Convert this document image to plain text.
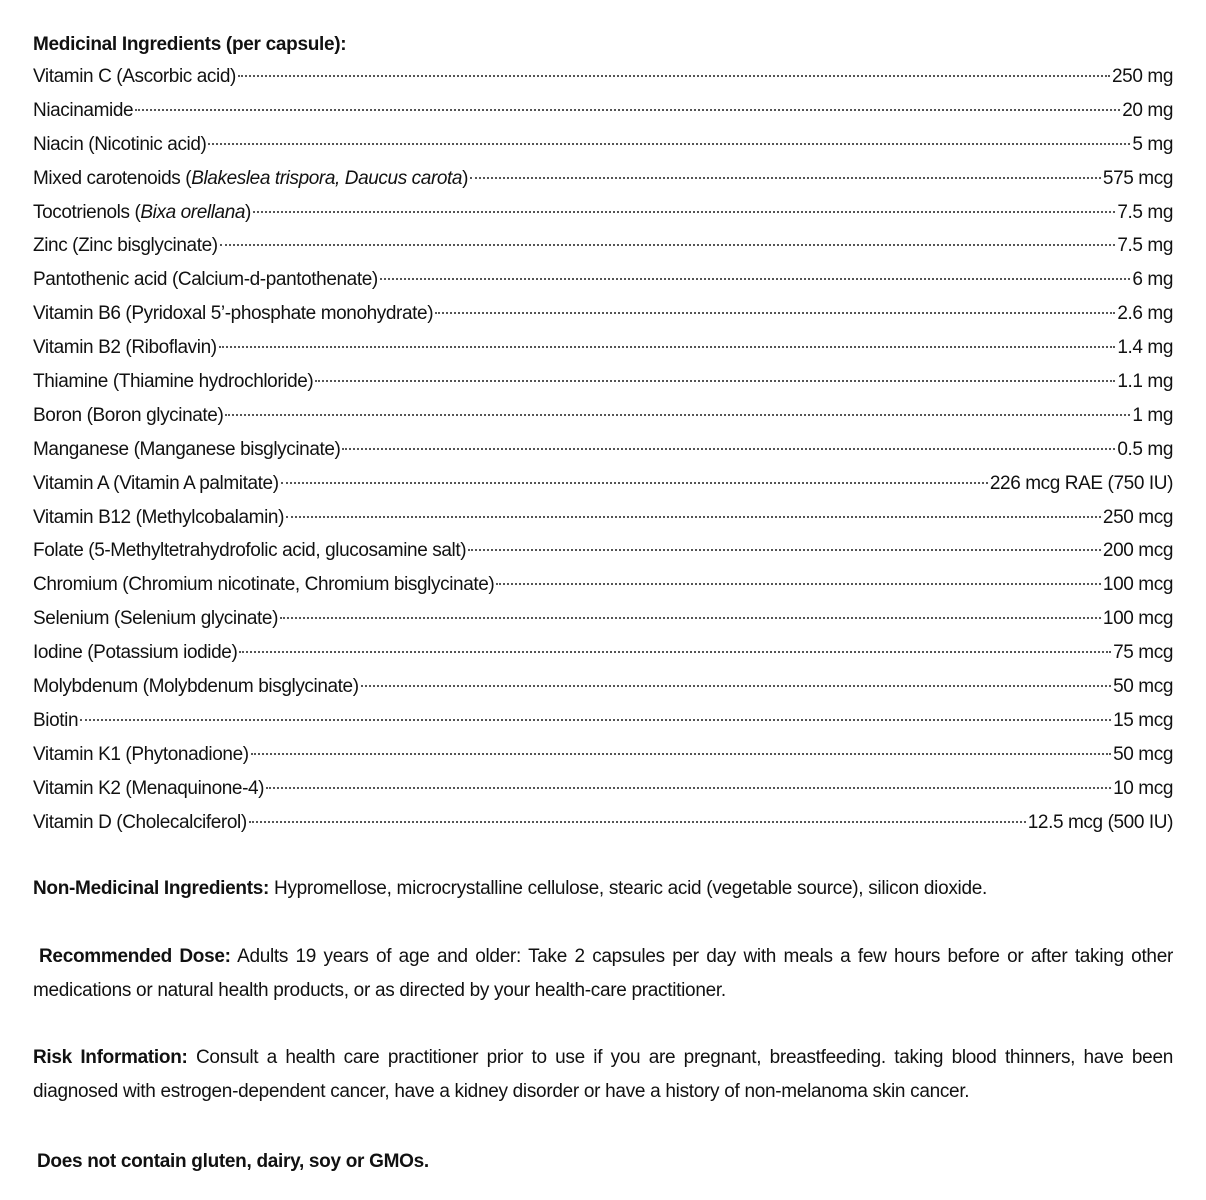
Medicinal Ingredients (per capsule):
Vitamin C (Ascorbic acid)	250 mg
Niacinamide	20 mg
Niacin (Nicotinic acid)	5 mg
Mixed carotenoids (Blakeslea trispora, Daucus carota)	575 mcg
Tocotrienols (Bixa orellana)	7.5 mg
Zinc (Zinc bisglycinate)	7.5 mg
Pantothenic acid (Calcium-d-pantothenate)	6 mg
Vitamin B6 (Pyridoxal 5’-phosphate monohydrate)	2.6 mg
Vitamin B2 (Riboflavin)	1.4 mg
Thiamine (Thiamine hydrochloride)	1.1 mg
Boron (Boron glycinate)	1 mg
Manganese (Manganese bisglycinate)	0.5 mg
Vitamin A (Vitamin A palmitate)	226 mcg RAE (750 IU)
Vitamin B12 (Methylcobalamin)	250 mcg
Folate (5-Methyltetrahydrofolic acid, glucosamine salt)	200 mcg
Chromium (Chromium nicotinate, Chromium bisglycinate)	100 mcg
Selenium (Selenium glycinate)	100 mcg
Iodine (Potassium iodide)	75 mcg
Molybdenum (Molybdenum bisglycinate)	50 mcg
Biotin	15 mcg
Vitamin K1 (Phytonadione)	50 mcg
Vitamin K2 (Menaquinone-4)	10 mcg
Vitamin D (Cholecalciferol)	12.5 mcg (500 IU)

Non-Medicinal Ingredients: Hypromellose, microcrystalline cellulose, stearic acid (vegetable source), silicon dioxide.

Recommended Dose: Adults 19 years of age and older: Take 2 capsules per day with meals a few hours before or after taking other medications or natural health products, or as directed by your health-care practitioner.

Risk Information: Consult a health care practitioner prior to use if you are pregnant, breastfeeding. taking blood thinners, have been diagnosed with estrogen-dependent cancer, have a kidney disorder or have a history of non-melanoma skin cancer.

Does not contain gluten, dairy, soy or GMOs.
